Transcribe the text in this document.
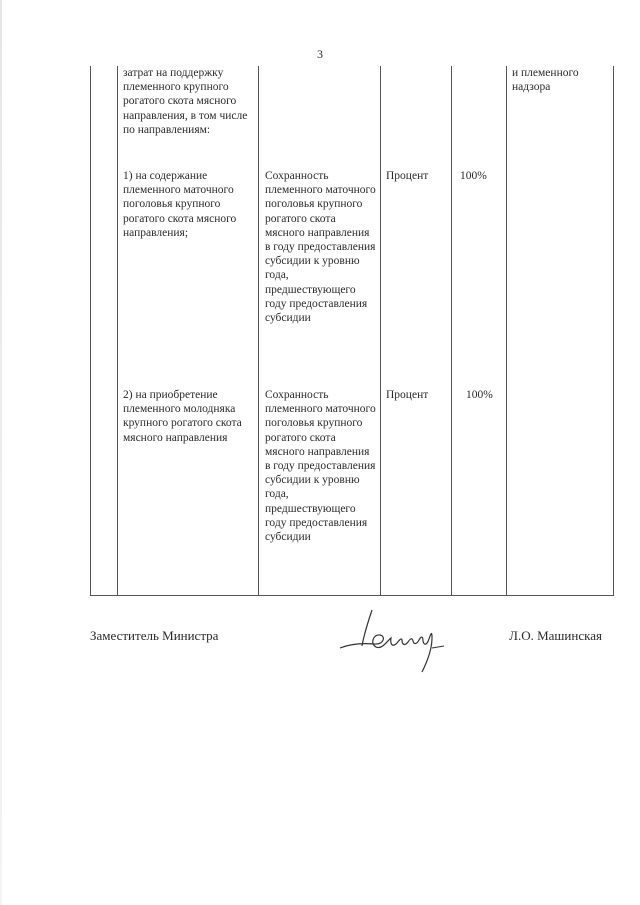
3

	затрат на поддержку племенного крупного рогатого скота мясного направления, в том числе по направлениям:				и племенного надзора

	1) на содержание племенного маточного поголовья крупного рогатого скота мясного направления;	Сохранность племенного маточного поголовья крупного рогатого скота мясного направления в году предоставления субсидии к уровню года, предшествующего году предоставления субсидии	Процент	100%	

	2) на приобретение племенного молодняка крупного рогатого скота мясного направления	Сохранность племенного маточного поголовья крупного рогатого скота мясного направления в году предоставления субсидии к уровню года, предшествующего году предоставления субсидии	Процент	100%	

Заместитель Министра	Л.О. Машинская
